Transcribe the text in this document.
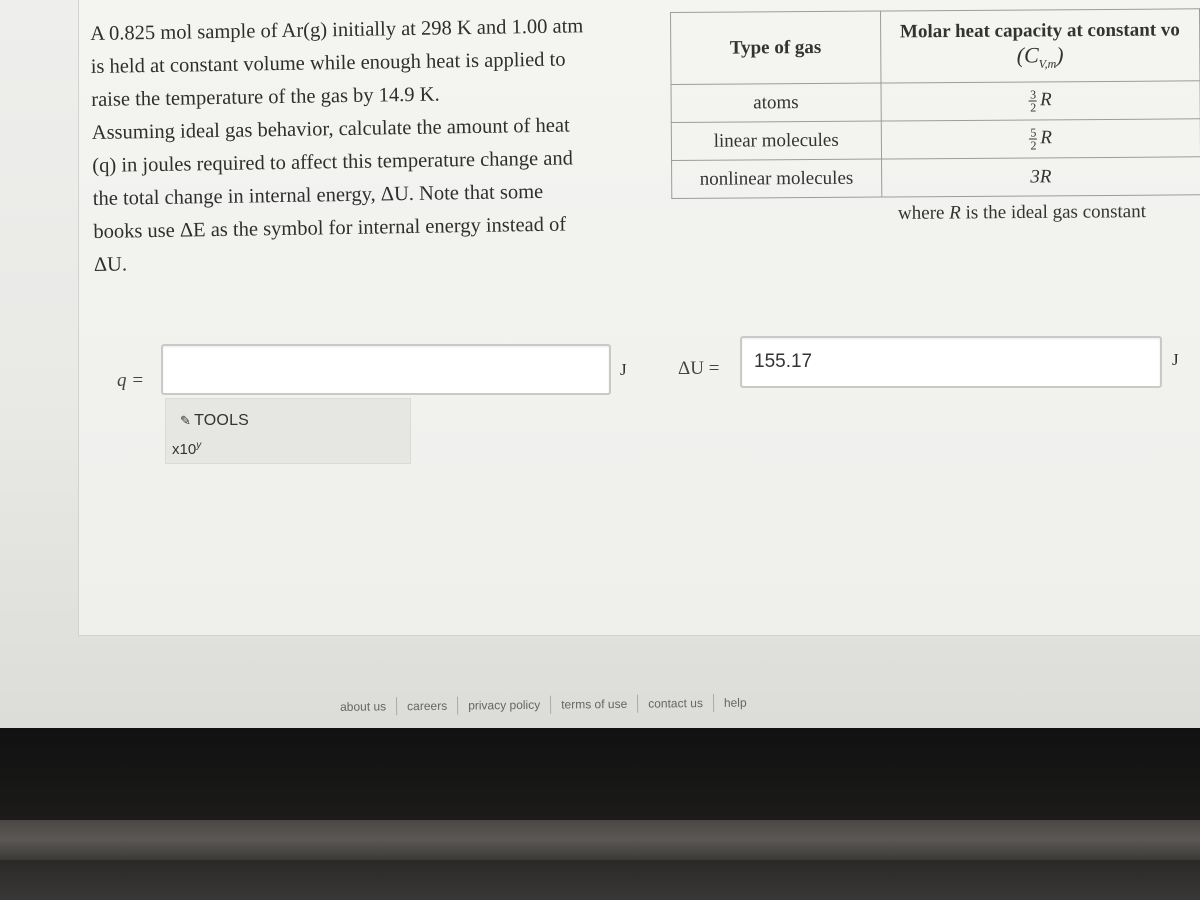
A 0.825 mol sample of Ar(g) initially at 298 K and 1.00 atm
is held at constant volume while enough heat is applied to
raise the temperature of the gas by 14.9 K.
Assuming ideal gas behavior, calculate the amount of heat
(q) in joules required to affect this temperature change and
the total change in internal energy, ΔU. Note that some
books use ΔE as the symbol for internal energy instead of
ΔU.

Type of gas	Molar heat capacity at constant vo
$(C_{V,m})$

atoms	$\frac{3}{2}$ R
linear molecules	$\frac{5}{2}$ R
nonlinear molecules	3R
where R is the ideal gas constant
q =
J	ΔU =
155.17	J
✎ TOOLS
x10$^y$
about us	careers	privacy policy	terms of use	contact us	help
